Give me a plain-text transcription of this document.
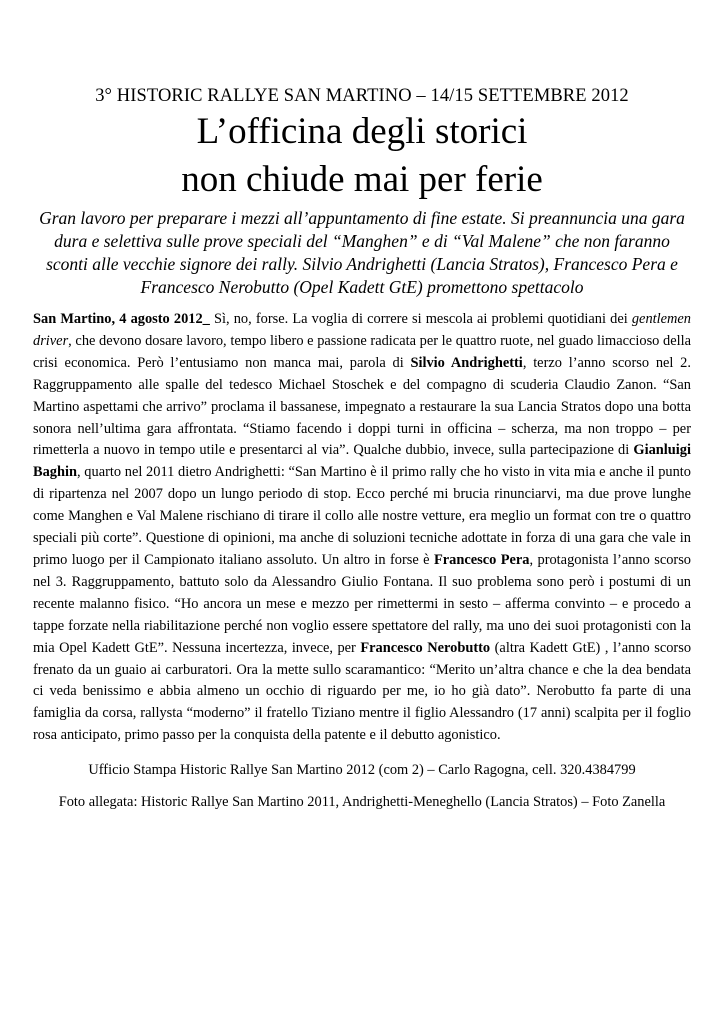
3° HISTORIC RALLYE SAN MARTINO – 14/15 SETTEMBRE 2012

L’officina degli storici
non chiude mai per ferie

Gran lavoro per preparare i mezzi all’appuntamento di fine estate. Si preannuncia una gara dura e selettiva sulle prove speciali del “Manghen” e di “Val Malene” che non faranno sconti alle vecchie signore dei rally. Silvio Andrighetti (Lancia Stratos), Francesco Pera e Francesco Nerobutto (Opel Kadett GtE) promettono spettacolo

San Martino, 4 agosto 2012_ Sì, no, forse. La voglia di correre si mescola ai problemi quotidiani dei gentlemen driver, che devono dosare lavoro, tempo libero e passione radicata per le quattro ruote, nel guado limaccioso della crisi economica. Però l’entusiamo non manca mai, parola di Silvio Andrighetti, terzo l’anno scorso nel 2. Raggruppamento alle spalle del tedesco Michael Stoschek e del compagno di scuderia Claudio Zanon. “San Martino aspettami che arrivo” proclama il bassanese, impegnato a restaurare la sua Lancia Stratos dopo una botta sonora nell’ultima gara affrontata. “Stiamo facendo i doppi turni in officina – scherza, ma non troppo – per rimetterla a nuovo in tempo utile e presentarci al via”. Qualche dubbio, invece, sulla partecipazione di Gianluigi Baghin, quarto nel 2011 dietro Andrighetti: “San Martino è il primo rally che ho visto in vita mia e anche il punto di ripartenza nel 2007 dopo un lungo periodo di stop. Ecco perché mi brucia rinunciarvi, ma due prove lunghe come Manghen e Val Malene rischiano di tirare il collo alle nostre vetture, era meglio un format con tre o quattro speciali più corte”. Questione di opinioni, ma anche di soluzioni tecniche adottate in forza di una gara che vale in primo luogo per il Campionato italiano assoluto. Un altro in forse è Francesco Pera, protagonista l’anno scorso nel 3. Raggruppamento, battuto solo da Alessandro Giulio Fontana. Il suo problema sono però i postumi di un recente malanno fisico. “Ho ancora un mese e mezzo per rimettermi in sesto – afferma convinto – e procedo a tappe forzate nella riabilitazione perché non voglio essere spettatore del rally, ma uno dei suoi protagonisti con la mia Opel Kadett GtE”. Nessuna incertezza, invece, per Francesco Nerobutto (altra Kadett GtE) , l’anno scorso frenato da un guaio ai carburatori. Ora la mette sullo scaramantico: “Merito un’altra chance e che la dea bendata ci veda benissimo e abbia almeno un occhio di riguardo per me, io ho già dato”. Nerobutto fa parte di una famiglia da corsa, rallysta “moderno” il fratello Tiziano mentre il figlio Alessandro (17 anni) scalpita per il foglio rosa anticipato, primo passo per la conquista della patente e il debutto agonistico.

Ufficio Stampa Historic Rallye San Martino 2012 (com 2) – Carlo Ragogna, cell. 320.4384799

Foto allegata: Historic Rallye San Martino 2011, Andrighetti-Meneghello (Lancia Stratos) – Foto Zanella
